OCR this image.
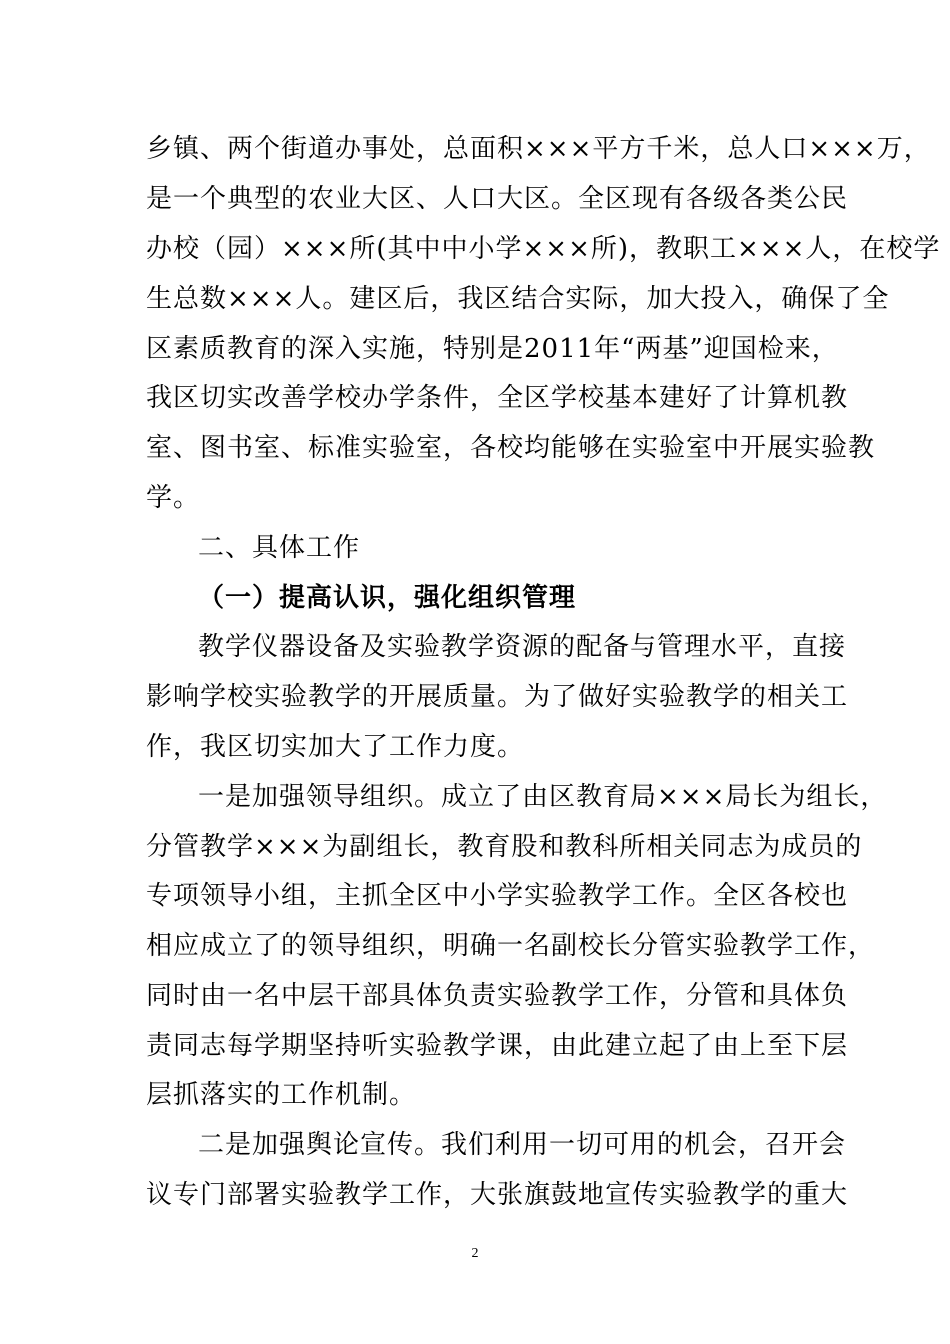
乡镇、两个街道办事处，总面积×××平方千米，总人口×××万，
是一个典型的农业大区、人口大区。全区现有各级各类公民
办校（园）×××所(其中中小学×××所)，教职工×××人，在校学
生总数×××人。建区后，我区结合实际，加大投入，确保了全
区素质教育的深入实施，特别是2011年“两基”迎国检来，
我区切实改善学校办学条件，全区学校基本建好了计算机教
室、图书室、标准实验室，各校均能够在实验室中开展实验教
学。
二、具体工作
（一）提高认识，强化组织管理
教学仪器设备及实验教学资源的配备与管理水平，直接
影响学校实验教学的开展质量。为了做好实验教学的相关工
作，我区切实加大了工作力度。
一是加强领导组织。成立了由区教育局×××局长为组长，
分管教学×××为副组长，教育股和教科所相关同志为成员的
专项领导小组，主抓全区中小学实验教学工作。全区各校也
相应成立了的领导组织，明确一名副校长分管实验教学工作，
同时由一名中层干部具体负责实验教学工作，分管和具体负
责同志每学期坚持听实验教学课，由此建立起了由上至下层
层抓落实的工作机制。
二是加强舆论宣传。我们利用一切可用的机会，召开会
议专门部署实验教学工作，大张旗鼓地宣传实验教学的重大
2
